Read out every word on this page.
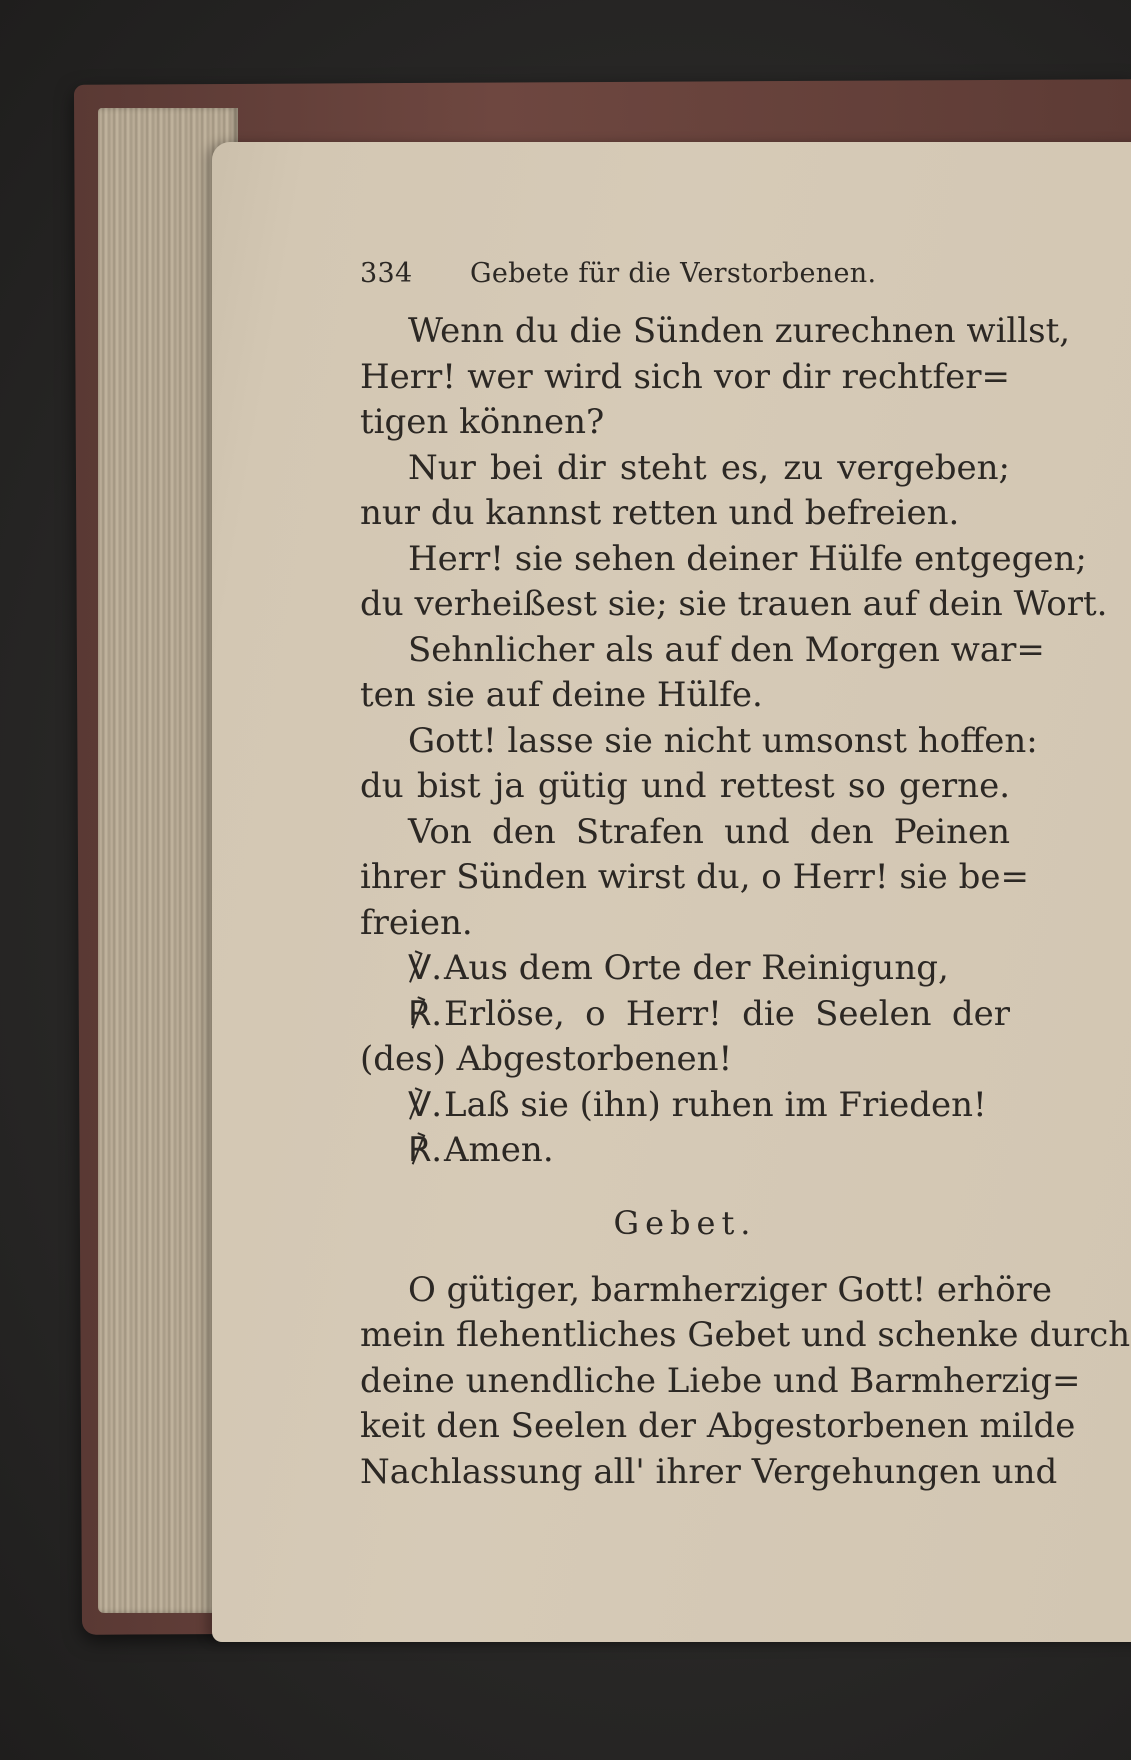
334	Gebete für die Verstorbenen.

Wenn du die Sünden zurechnen willst,
Herr! wer wird sich vor dir rechtfer=
tigen können?

Nur bei dir steht es, zu vergeben;
nur du kannst retten und befreien.

Herr! sie sehen deiner Hülfe entgegen;
du verheißest sie; sie trauen auf dein Wort.

Sehnlicher als auf den Morgen war=
ten sie auf deine Hülfe.

Gott! lasse sie nicht umsonst hoffen:
du bist ja gütig und rettest so gerne.

Von den Strafen und den Peinen
ihrer Sünden wirst du, o Herr! sie be=
freien.

℣.Aus dem Orte der Reinigung,

℟.Erlöse, o Herr! die Seelen der
(des) Abgestorbenen!

℣.Laß sie (ihn) ruhen im Frieden!

℟.Amen.

Gebet.

O gütiger, barmherziger Gott! erhöre
mein flehentliches Gebet und schenke durch
deine unendliche Liebe und Barmherzig=
keit den Seelen der Abgestorbenen milde
Nachlassung all' ihrer Vergehungen und
